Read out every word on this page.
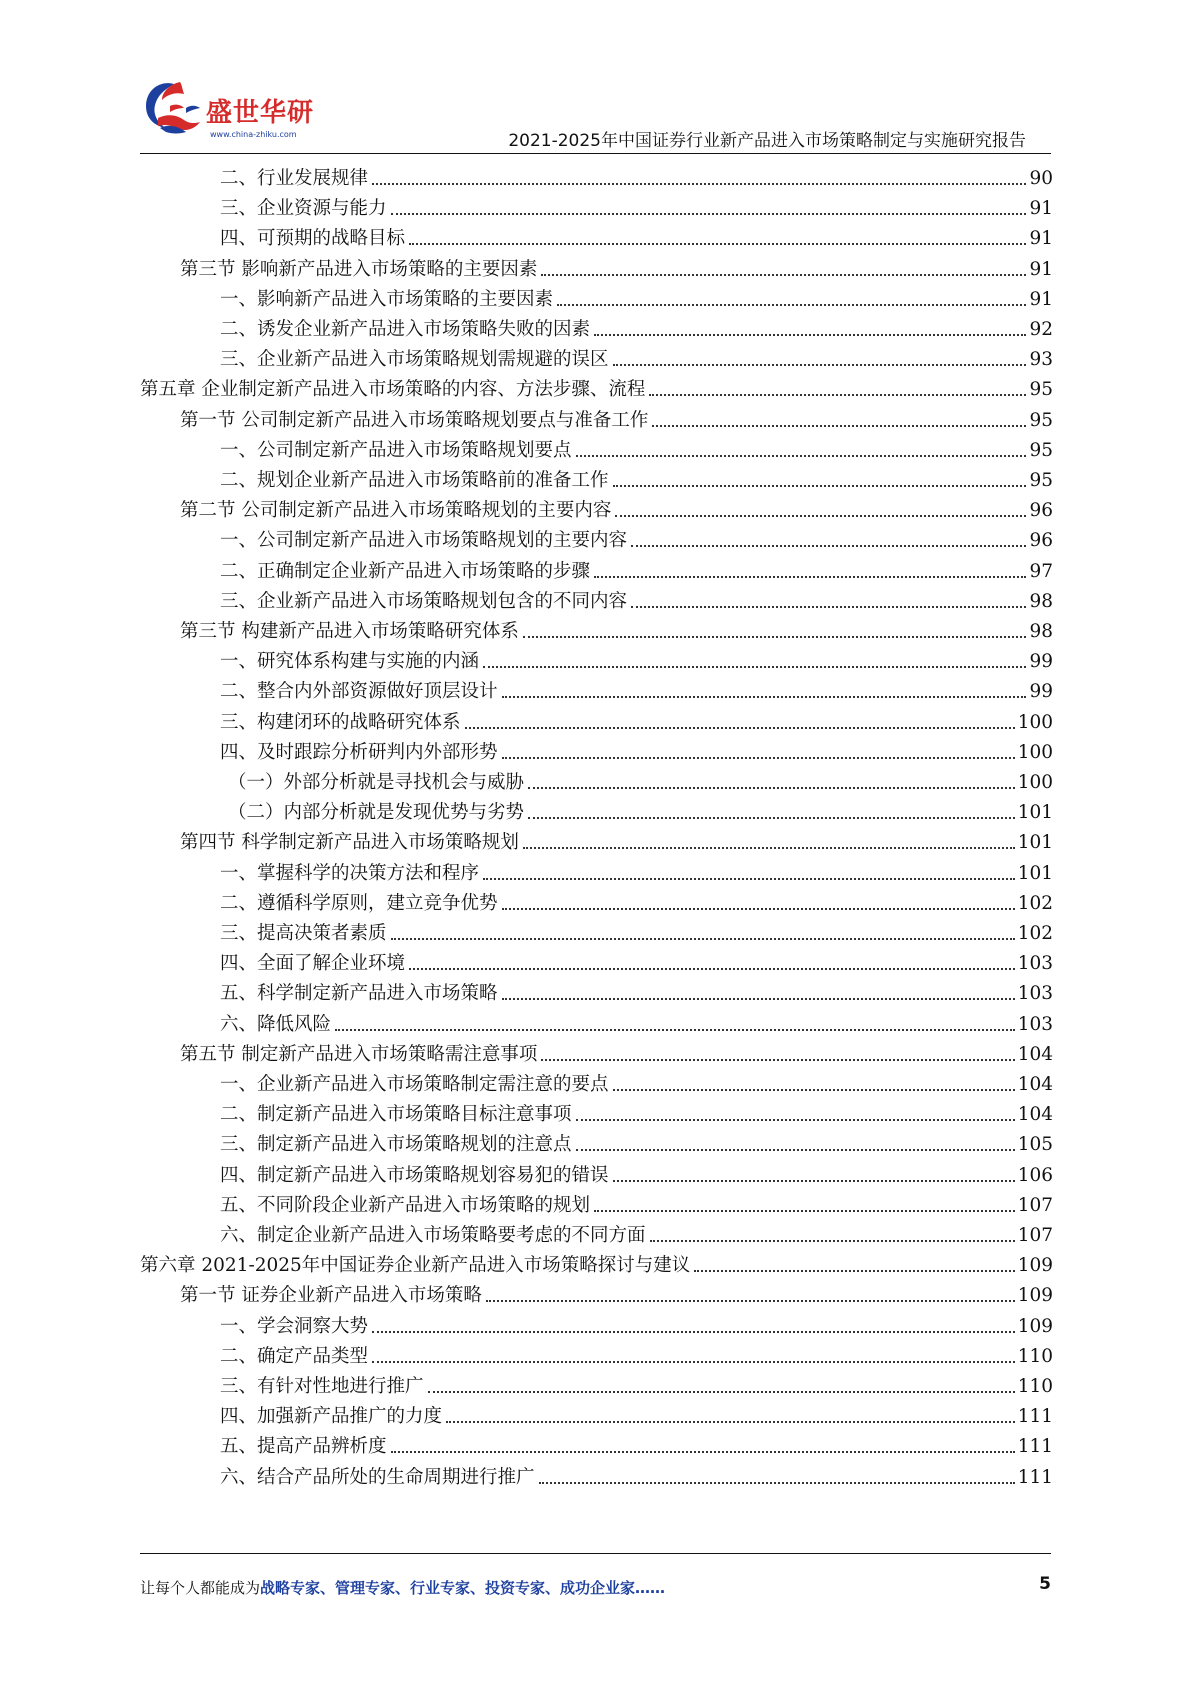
盛世华研
www.china-zhiku.com	2021-2025年中国证券行业新产品进入市场策略制定与实施研究报告
二、行业发展规律	90
三、企业资源与能力	91
四、可预期的战略目标	91
第三节 影响新产品进入市场策略的主要因素	91
一、影响新产品进入市场策略的主要因素	91
二、诱发企业新产品进入市场策略失败的因素	92
三、企业新产品进入市场策略规划需规避的误区	93
第五章 企业制定新产品进入市场策略的内容、方法步骤、流程	95
第一节 公司制定新产品进入市场策略规划要点与准备工作	95
一、公司制定新产品进入市场策略规划要点	95
二、规划企业新产品进入市场策略前的准备工作	95
第二节 公司制定新产品进入市场策略规划的主要内容	96
一、公司制定新产品进入市场策略规划的主要内容	96
二、正确制定企业新产品进入市场策略的步骤	97
三、企业新产品进入市场策略规划包含的不同内容	98
第三节 构建新产品进入市场策略研究体系	98
一、研究体系构建与实施的内涵	99
二、整合内外部资源做好顶层设计	99
三、构建闭环的战略研究体系	100
四、及时跟踪分析研判内外部形势	100
（一）外部分析就是寻找机会与威胁	100
（二）内部分析就是发现优势与劣势	101
第四节 科学制定新产品进入市场策略规划	101
一、掌握科学的决策方法和程序	101
二、遵循科学原则，建立竞争优势	102
三、提高决策者素质	102
四、全面了解企业环境	103
五、科学制定新产品进入市场策略	103
六、降低风险	103
第五节 制定新产品进入市场策略需注意事项	104
一、企业新产品进入市场策略制定需注意的要点	104
二、制定新产品进入市场策略目标注意事项	104
三、制定新产品进入市场策略规划的注意点	105
四、制定新产品进入市场策略规划容易犯的错误	106
五、不同阶段企业新产品进入市场策略的规划	107
六、制定企业新产品进入市场策略要考虑的不同方面	107
第六章 2021-2025年中国证券企业新产品进入市场策略探讨与建议	109
第一节 证券企业新产品进入市场策略	109
一、学会洞察大势	109
二、确定产品类型	110
三、有针对性地进行推广	110
四、加强新产品推广的力度	111
五、提高产品辨析度	111
六、结合产品所处的生命周期进行推广	111
让每个人都能成为战略专家、管理专家、行业专家、投资专家、成功企业家……	5
